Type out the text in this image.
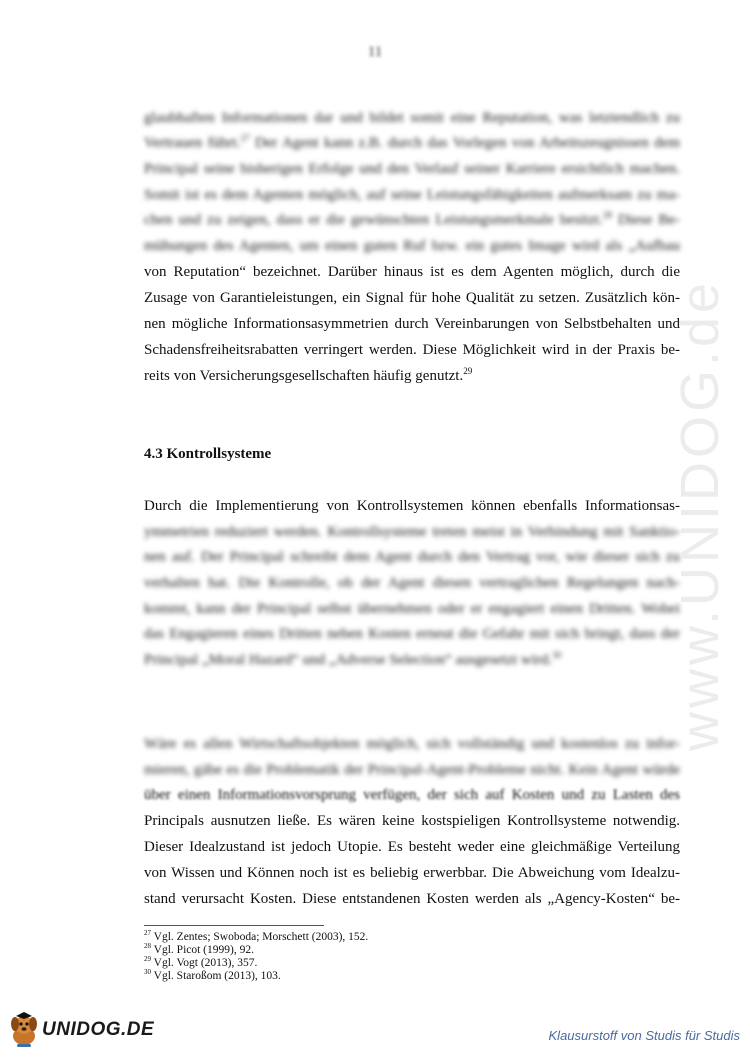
11
glaubhaften Informationen dar und bildet somit eine Reputation, was letztendlich zu
Vertrauen führt.$^{27}$ Der Agent kann z.B. durch das Vorlegen von Arbeitszeugnissen dem
Principal seine bisherigen Erfolge und den Verlauf seiner Karriere ersichtlich machen.
Somit ist es dem Agenten möglich, auf seine Leistungsfähigkeiten aufmerksam zu ma-
chen und zu zeigen, dass er die gewünschten Leistungsmerkmale besitzt.$^{28}$ Diese Be-
mühungen des Agenten, um einen guten Ruf bzw. ein gutes Image wird als „Aufbau
von Reputation“ bezeichnet. Darüber hinaus ist es dem Agenten möglich, durch die
Zusage von Garantieleistungen, ein Signal für hohe Qualität zu setzen. Zusätzlich kön-
nen mögliche Informationsasymmetrien durch Vereinbarungen von Selbstbehalten und
Schadensfreiheitsrabatten verringert werden. Diese Möglichkeit wird in der Praxis be-
reits von Versicherungsgesellschaften häufig genutzt.$^{29}$
4.3 Kontrollsysteme
Durch die Implementierung von Kontrollsystemen können ebenfalls Informationsas-
ymmetrien reduziert werden. Kontrollsysteme treten meist in Verbindung mit Sanktio-
nen auf. Der Principal schreibt dem Agent durch den Vertrag vor, wie dieser sich zu
verhalten hat. Die Kontrolle, ob der Agent diesen vertraglichen Regelungen nach-
kommt, kann der Principal selbst übernehmen oder er engagiert einen Dritten. Wobei
das Engagieren eines Dritten neben Kosten erneut die Gefahr mit sich bringt, dass der
Principal „Moral Hazard“ und „Adverse Selection“ ausgesetzt wird.$^{30}$
Wäre es allen Wirtschaftsobjekten möglich, sich vollständig und kostenlos zu infor-
mieren, gäbe es die Problematik der Principal-Agent-Probleme nicht. Kein Agent würde
über einen Informationsvorsprung verfügen, der sich auf Kosten und zu Lasten des
Principals ausnutzen ließe. Es wären keine kostspieligen Kontrollsysteme notwendig.
Dieser Idealzustand ist jedoch Utopie. Es besteht weder eine gleichmäßige Verteilung
von Wissen und Können noch ist es beliebig erwerbbar. Die Abweichung vom Idealzu-
stand verursacht Kosten. Diese entstandenen Kosten werden als „Agency-Kosten“ be-
$^{27}$ Vgl. Zentes; Swoboda; Morschett (2003), 152.
$^{28}$ Vgl. Picot (1999), 92.
$^{29}$ Vgl. Vogt (2013), 357.
$^{30}$ Vgl. Staroßom (2013), 103.
www.UNIDOG.de
UNIDOG.DE	Klausurstoff von Studis für Studis
